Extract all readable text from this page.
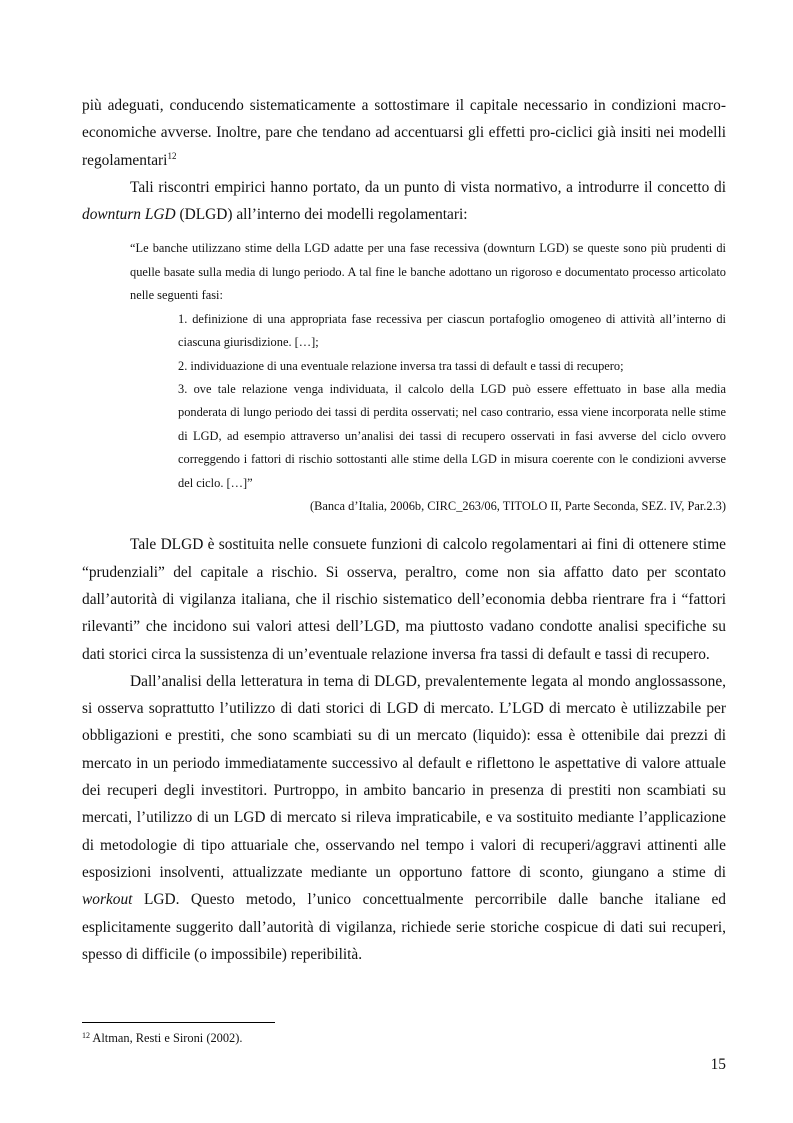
più adeguati, conducendo sistematicamente a sottostimare il capitale necessario in condizioni macro-economiche avverse. Inoltre, pare che tendano ad accentuarsi gli effetti pro-ciclici già insiti nei modelli regolamentari$^{12}$

Tali riscontri empirici hanno portato, da un punto di vista normativo, a introdurre il concetto di downturn LGD (DLGD) all’interno dei modelli regolamentari:

“Le banche utilizzano stime della LGD adatte per una fase recessiva (downturn LGD) se queste sono più prudenti di quelle basate sulla media di lungo periodo. A tal fine le banche adottano un rigoroso e documentato processo articolato nelle seguenti fasi:

1. definizione di una appropriata fase recessiva per ciascun portafoglio omogeneo di attività all’interno di ciascuna giurisdizione. […];

2. individuazione di una eventuale relazione inversa tra tassi di default e tassi di recupero;

3. ove tale relazione venga individuata, il calcolo della LGD può essere effettuato in base alla media ponderata di lungo periodo dei tassi di perdita osservati; nel caso contrario, essa viene incorporata nelle stime di LGD, ad esempio attraverso un’analisi dei tassi di recupero osservati in fasi avverse del ciclo ovvero correggendo i fattori di rischio sottostanti alle stime della LGD in misura coerente con le condizioni avverse del ciclo. […]”

(Banca d’Italia, 2006b, CIRC_263/06, TITOLO II, Parte Seconda, SEZ. IV, Par.2.3)

Tale DLGD è sostituita nelle consuete funzioni di calcolo regolamentari ai fini di ottenere stime “prudenziali” del capitale a rischio. Si osserva, peraltro, come non sia affatto dato per scontato dall’autorità di vigilanza italiana, che il rischio sistematico dell’economia debba rientrare fra i “fattori rilevanti” che incidono sui valori attesi dell’LGD, ma piuttosto vadano condotte analisi specifiche su dati storici circa la sussistenza di un’eventuale relazione inversa fra tassi di default e tassi di recupero.

Dall’analisi della letteratura in tema di DLGD, prevalentemente legata al mondo anglossassone, si osserva soprattutto l’utilizzo di dati storici di LGD di mercato. L’LGD di mercato è utilizzabile per obbligazioni e prestiti, che sono scambiati su di un mercato (liquido): essa è ottenibile dai prezzi di mercato in un periodo immediatamente successivo al default e riflettono le aspettative di valore attuale dei recuperi degli investitori. Purtroppo, in ambito bancario in presenza di prestiti non scambiati su mercati, l’utilizzo di un LGD di mercato si rileva impraticabile, e va sostituito mediante l’applicazione di metodologie di tipo attuariale che, osservando nel tempo i valori di recuperi/aggravi attinenti alle esposizioni insolventi, attualizzate mediante un opportuno fattore di sconto, giungano a stime di workout LGD. Questo metodo, l’unico concettualmente percorribile dalle banche italiane ed esplicitamente suggerito dall’autorità di vigilanza, richiede serie storiche cospicue di dati sui recuperi, spesso di difficile (o impossibile) reperibilità.

$^{12}$ Altman, Resti e Sironi (2002).

15
